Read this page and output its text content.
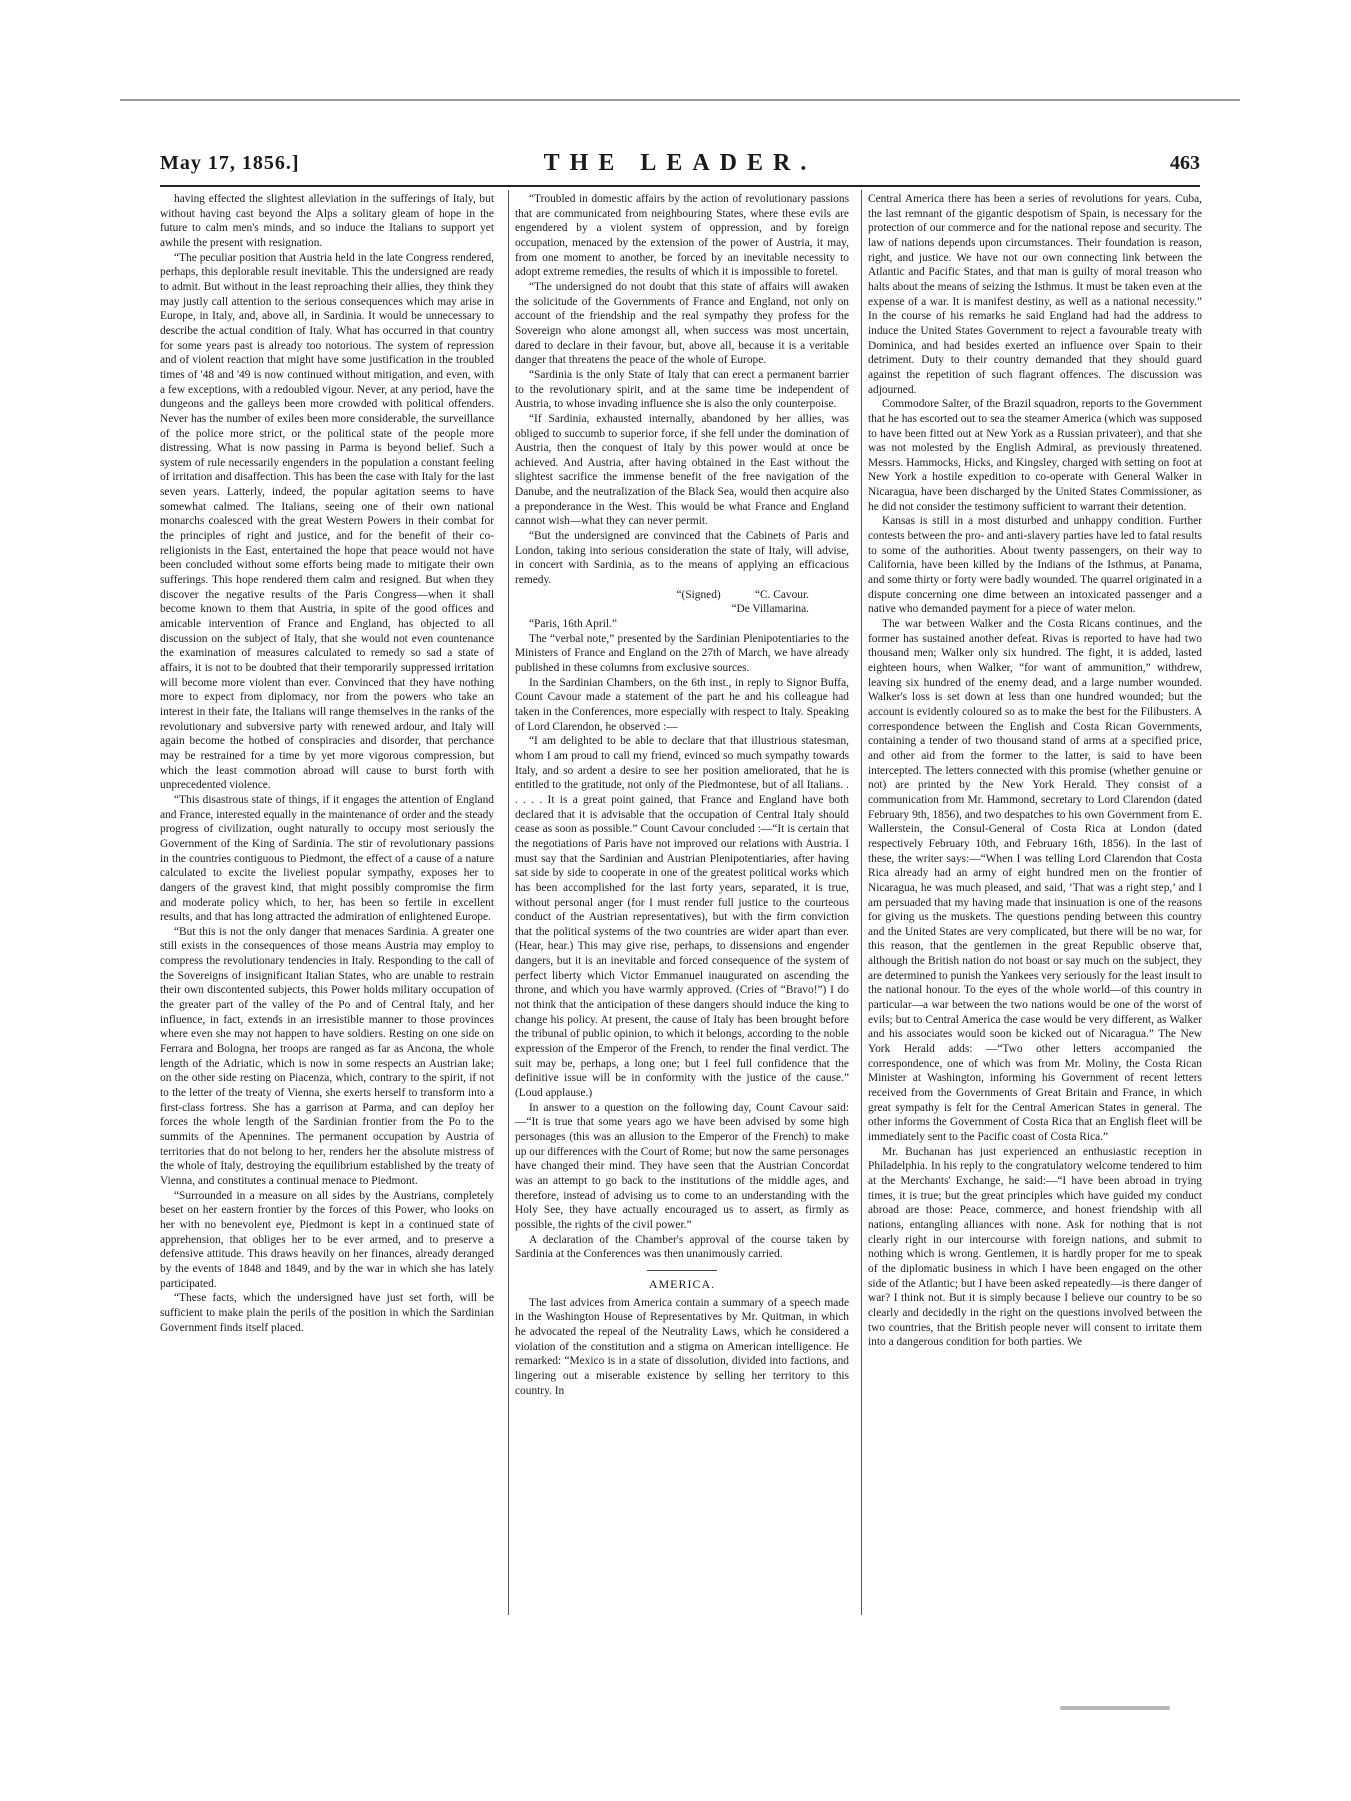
May 17, 1856.]	THE LEADER.	463

having effected the slightest alleviation in the sufferings of Italy, but without having cast beyond the Alps a solitary gleam of hope in the future to calm men's minds, and so induce the Italians to support yet awhile the present with resignation.

“The peculiar position that Austria held in the late Congress rendered, perhaps, this deplorable result inevitable. This the undersigned are ready to admit. But without in the least reproaching their allies, they think they may justly call attention to the serious consequences which may arise in Europe, in Italy, and, above all, in Sardinia. It would be unnecessary to describe the actual condition of Italy. What has occurred in that country for some years past is already too notorious. The system of repression and of violent reaction that might have some justification in the troubled times of '48 and '49 is now continued without mitigation, and even, with a few exceptions, with a redoubled vigour. Never, at any period, have the dungeons and the galleys been more crowded with political offenders. Never has the number of exiles been more considerable, the surveillance of the police more strict, or the political state of the people more distressing. What is now passing in Parma is beyond belief. Such a system of rule necessarily engenders in the population a constant feeling of irritation and disaffection. This has been the case with Italy for the last seven years. Latterly, indeed, the popular agitation seems to have somewhat calmed. The Italians, seeing one of their own national monarchs coalesced with the great Western Powers in their combat for the principles of right and justice, and for the benefit of their co-religionists in the East, entertained the hope that peace would not have been concluded without some efforts being made to mitigate their own sufferings. This hope rendered them calm and resigned. But when they discover the negative results of the Paris Congress—when it shall become known to them that Austria, in spite of the good offices and amicable intervention of France and England, has objected to all discussion on the subject of Italy, that she would not even countenance the examination of measures calculated to remedy so sad a state of affairs, it is not to be doubted that their temporarily suppressed irritation will become more violent than ever. Convinced that they have nothing more to expect from diplomacy, nor from the powers who take an interest in their fate, the Italians will range themselves in the ranks of the revolutionary and subversive party with renewed ardour, and Italy will again become the hotbed of conspiracies and disorder, that perchance may be restrained for a time by yet more vigorous compression, but which the least commotion abroad will cause to burst forth with unprecedented violence.

“This disastrous state of things, if it engages the attention of England and France, interested equally in the maintenance of order and the steady progress of civilization, ought naturally to occupy most seriously the Government of the King of Sardinia. The stir of revolutionary passions in the countries contiguous to Piedmont, the effect of a cause of a nature calculated to excite the liveliest popular sympathy, exposes her to dangers of the gravest kind, that might possibly compromise the firm and moderate policy which, to her, has been so fertile in excellent results, and that has long attracted the admiration of enlightened Europe.

“But this is not the only danger that menaces Sardinia. A greater one still exists in the consequences of those means Austria may employ to compress the revolutionary tendencies in Italy. Responding to the call of the Sovereigns of insignificant Italian States, who are unable to restrain their own discontented subjects, this Power holds military occupation of the greater part of the valley of the Po and of Central Italy, and her influence, in fact, extends in an irresistible manner to those provinces where even she may not happen to have soldiers. Resting on one side on Ferrara and Bologna, her troops are ranged as far as Ancona, the whole length of the Adriatic, which is now in some respects an Austrian lake; on the other side resting on Piacenza, which, contrary to the spirit, if not to the letter of the treaty of Vienna, she exerts herself to transform into a first-class fortress. She has a garrison at Parma, and can deploy her forces the whole length of the Sardinian frontier from the Po to the summits of the Apennines. The permanent occupation by Austria of territories that do not belong to her, renders her the absolute mistress of the whole of Italy, destroying the equilibrium established by the treaty of Vienna, and constitutes a continual menace to Piedmont.

“Surrounded in a measure on all sides by the Austrians, completely beset on her eastern frontier by the forces of this Power, who looks on her with no benevolent eye, Piedmont is kept in a continued state of apprehension, that obliges her to be ever armed, and to preserve a defensive attitude. This draws heavily on her finances, already deranged by the events of 1848 and 1849, and by the war in which she has lately participated.

“These facts, which the undersigned have just set forth, will be sufficient to make plain the perils of the position in which the Sardinian Government finds itself placed.

“Troubled in domestic affairs by the action of revolutionary passions that are communicated from neighbouring States, where these evils are engendered by a violent system of oppression, and by foreign occupation, menaced by the extension of the power of Austria, it may, from one moment to another, be forced by an inevitable necessity to adopt extreme remedies, the results of which it is impossible to foretel.

“The undersigned do not doubt that this state of affairs will awaken the solicitude of the Governments of France and England, not only on account of the friendship and the real sympathy they profess for the Sovereign who alone amongst all, when success was most uncertain, dared to declare in their favour, but, above all, because it is a veritable danger that threatens the peace of the whole of Europe.

“Sardinia is the only State of Italy that can erect a permanent barrier to the revolutionary spirit, and at the same time be independent of Austria, to whose invading influence she is also the only counterpoise.

“If Sardinia, exhausted internally, abandoned by her allies, was obliged to succumb to superior force, if she fell under the domination of Austria, then the conquest of Italy by this power would at once be achieved. And Austria, after having obtained in the East without the slightest sacrifice the immense benefit of the free navigation of the Danube, and the neutralization of the Black Sea, would then acquire also a preponderance in the West. This would be what France and England cannot wish—what they can never permit.

“But the undersigned are convinced that the Cabinets of Paris and London, taking into serious consideration the state of Italy, will advise, in concert with Sardinia, as to the means of applying an efficacious remedy.

“(Signed)   “C. Cavour.

“De Villamarina.

“Paris, 16th April.”

The “verbal note,” presented by the Sardinian Plenipotentiaries to the Ministers of France and England on the 27th of March, we have already published in these columns from exclusive sources.

In the Sardinian Chambers, on the 6th inst., in reply to Signor Buffa, Count Cavour made a statement of the part he and his colleague had taken in the Conferences, more especially with respect to Italy. Speaking of Lord Clarendon, he observed :—

“I am delighted to be able to declare that that illustrious statesman, whom I am proud to call my friend, evinced so much sympathy towards Italy, and so ardent a desire to see her position ameliorated, that he is entitled to the gratitude, not only of the Piedmontese, but of all Italians. . . . . . It is a great point gained, that France and England have both declared that it is advisable that the occupation of Central Italy should cease as soon as possible.” Count Cavour concluded :—“It is certain that the negotiations of Paris have not improved our relations with Austria. I must say that the Sardinian and Austrian Plenipotentiaries, after having sat side by side to cooperate in one of the greatest political works which has been accomplished for the last forty years, separated, it is true, without personal anger (for I must render full justice to the courteous conduct of the Austrian representatives), but with the firm conviction that the political systems of the two countries are wider apart than ever. (Hear, hear.) This may give rise, perhaps, to dissensions and engender dangers, but it is an inevitable and forced consequence of the system of perfect liberty which Victor Emmanuel inaugurated on ascending the throne, and which you have warmly approved. (Cries of “Bravo!”) I do not think that the anticipation of these dangers should induce the king to change his policy. At present, the cause of Italy has been brought before the tribunal of public opinion, to which it belongs, according to the noble expression of the Emperor of the French, to render the final verdict. The suit may be, perhaps, a long one; but I feel full confidence that the definitive issue will be in conformity with the justice of the cause.” (Loud applause.)

In answer to a question on the following day, Count Cavour said:—“It is true that some years ago we have been advised by some high personages (this was an allusion to the Emperor of the French) to make up our differences with the Court of Rome; but now the same personages have changed their mind. They have seen that the Austrian Concordat was an attempt to go back to the institutions of the middle ages, and therefore, instead of advising us to come to an understanding with the Holy See, they have actually encouraged us to assert, as firmly as possible, the rights of the civil power.”

A declaration of the Chamber's approval of the course taken by Sardinia at the Conferences was then unanimously carried.

AMERICA.

The last advices from America contain a summary of a speech made in the Washington House of Representatives by Mr. Quitman, in which he advocated the repeal of the Neutrality Laws, which he considered a violation of the constitution and a stigma on American intelligence. He remarked: “Mexico is in a state of dissolution, divided into factions, and lingering out a miserable existence by selling her territory to this country. In

Central America there has been a series of revolutions for years. Cuba, the last remnant of the gigantic despotism of Spain, is necessary for the protection of our commerce and for the national repose and security. The law of nations depends upon circumstances. Their foundation is reason, right, and justice. We have not our own connecting link between the Atlantic and Pacific States, and that man is guilty of moral treason who halts about the means of seizing the Isthmus. It must be taken even at the expense of a war. It is manifest destiny, as well as a national necessity.” In the course of his remarks he said England had had the address to induce the United States Government to reject a favourable treaty with Dominica, and had besides exerted an influence over Spain to their detriment. Duty to their country demanded that they should guard against the repetition of such flagrant offences. The discussion was adjourned.

Commodore Salter, of the Brazil squadron, reports to the Government that he has escorted out to sea the steamer America (which was supposed to have been fitted out at New York as a Russian privateer), and that she was not molested by the English Admiral, as previously threatened. Messrs. Hammocks, Hicks, and Kingsley, charged with setting on foot at New York a hostile expedition to co-operate with General Walker in Nicaragua, have been discharged by the United States Commissioner, as he did not consider the testimony sufficient to warrant their detention.

Kansas is still in a most disturbed and unhappy condition. Further contests between the pro- and anti-slavery parties have led to fatal results to some of the authorities. About twenty passengers, on their way to California, have been killed by the Indians of the Isthmus, at Panama, and some thirty or forty were badly wounded. The quarrel originated in a dispute concerning one dime between an intoxicated passenger and a native who demanded payment for a piece of water melon.

The war between Walker and the Costa Ricans continues, and the former has sustained another defeat. Rivas is reported to have had two thousand men; Walker only six hundred. The fight, it is added, lasted eighteen hours, when Walker, “for want of ammunition,” withdrew, leaving six hundred of the enemy dead, and a large number wounded. Walker's loss is set down at less than one hundred wounded; but the account is evidently coloured so as to make the best for the Filibusters. A correspondence between the English and Costa Rican Governments, containing a tender of two thousand stand of arms at a specified price, and other aid from the former to the latter, is said to have been intercepted. The letters connected with this promise (whether genuine or not) are printed by the New York Herald. They consist of a communication from Mr. Hammond, secretary to Lord Clarendon (dated February 9th, 1856), and two despatches to his own Government from E. Wallerstein, the Consul-General of Costa Rica at London (dated respectively February 10th, and February 16th, 1856). In the last of these, the writer says:—“When I was telling Lord Clarendon that Costa Rica already had an army of eight hundred men on the frontier of Nicaragua, he was much pleased, and said, ‘That was a right step,’ and I am persuaded that my having made that insinuation is one of the reasons for giving us the muskets. The questions pending between this country and the United States are very complicated, but there will be no war, for this reason, that the gentlemen in the great Republic observe that, although the British nation do not boast or say much on the subject, they are determined to punish the Yankees very seriously for the least insult to the national honour. To the eyes of the whole world—of this country in particular—a war between the two nations would be one of the worst of evils; but to Central America the case would be very different, as Walker and his associates would soon be kicked out of Nicaragua.” The New York Herald adds: —“Two other letters accompanied the correspondence, one of which was from Mr. Moliny, the Costa Rican Minister at Washington, informing his Government of recent letters received from the Governments of Great Britain and France, in which great sympathy is felt for the Central American States in general. The other informs the Government of Costa Rica that an English fleet will be immediately sent to the Pacific coast of Costa Rica.”

Mr. Buchanan has just experienced an enthusiastic reception in Philadelphia. In his reply to the congratulatory welcome tendered to him at the Merchants' Exchange, he said:—“I have been abroad in trying times, it is true; but the great principles which have guided my conduct abroad are those: Peace, commerce, and honest friendship with all nations, entangling alliances with none. Ask for nothing that is not clearly right in our intercourse with foreign nations, and submit to nothing which is wrong. Gentlemen, it is hardly proper for me to speak of the diplomatic business in which I have been engaged on the other side of the Atlantic; but I have been asked repeatedly—is there danger of war? I think not. But it is simply because I believe our country to be so clearly and decidedly in the right on the questions involved between the two countries, that the British people never will consent to irritate them into a dangerous condition for both parties. We
